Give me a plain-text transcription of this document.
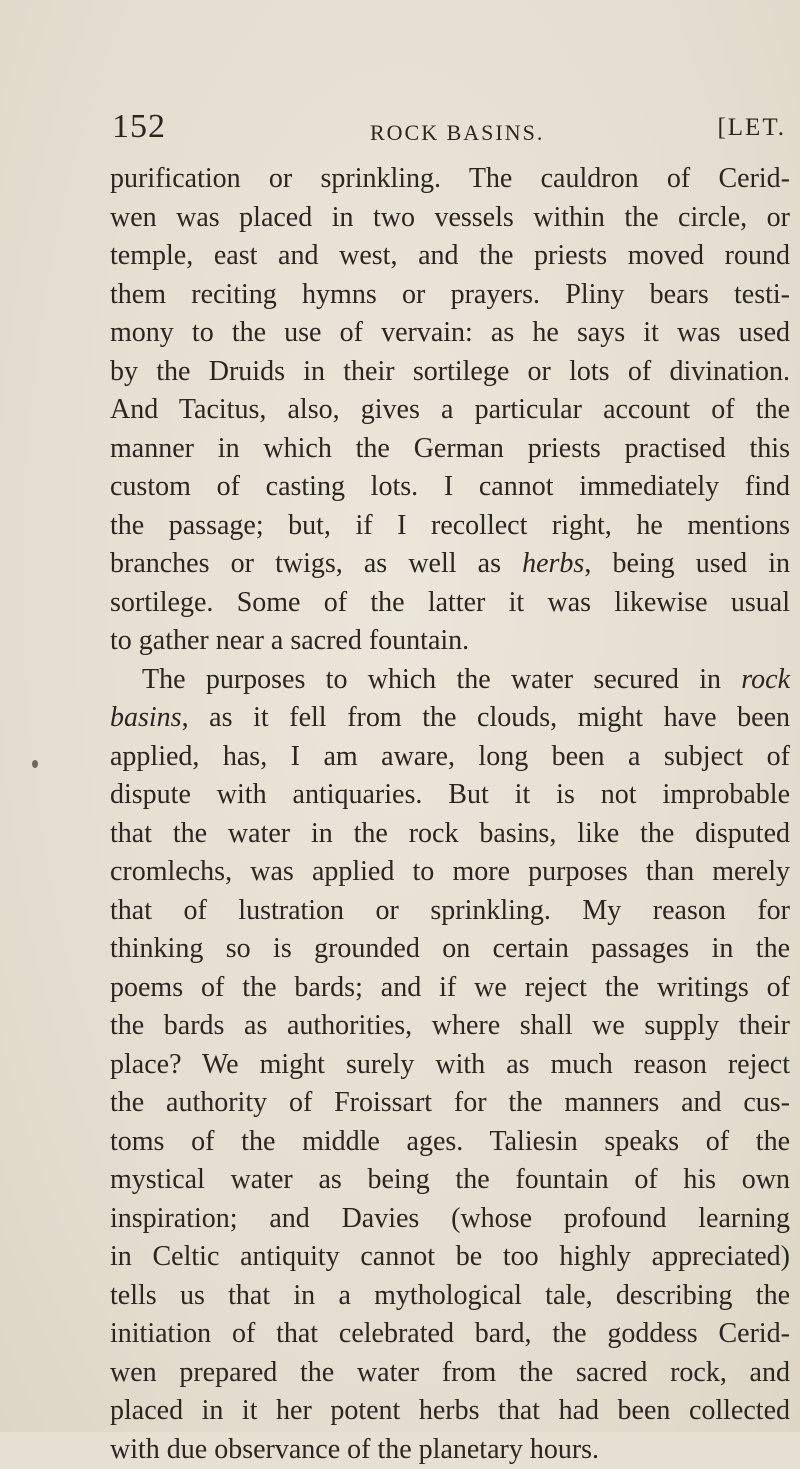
152	ROCK BASINS.	[LET.
purification or sprinkling. The cauldron of Cerid-
wen was placed in two vessels within the circle, or
temple, east and west, and the priests moved round
them reciting hymns or prayers. Pliny bears testi-
mony to the use of vervain: as he says it was used
by the Druids in their sortilege or lots of divination.
And Tacitus, also, gives a particular account of the
manner in which the German priests practised this
custom of casting lots. I cannot immediately find
the passage; but, if I recollect right, he mentions
branches or twigs, as well as herbs, being used in
sortilege. Some of the latter it was likewise usual
to gather near a sacred fountain.
The purposes to which the water secured in rock
basins, as it fell from the clouds, might have been
applied, has, I am aware, long been a subject of
dispute with antiquaries. But it is not improbable
that the water in the rock basins, like the disputed
cromlechs, was applied to more purposes than merely
that of lustration or sprinkling. My reason for
thinking so is grounded on certain passages in the
poems of the bards; and if we reject the writings of
the bards as authorities, where shall we supply their
place? We might surely with as much reason reject
the authority of Froissart for the manners and cus-
toms of the middle ages. Taliesin speaks of the
mystical water as being the fountain of his own
inspiration; and Davies (whose profound learning
in Celtic antiquity cannot be too highly appreciated)
tells us that in a mythological tale, describing the
initiation of that celebrated bard, the goddess Cerid-
wen prepared the water from the sacred rock, and
placed in it her potent herbs that had been collected
with due observance of the planetary hours.
